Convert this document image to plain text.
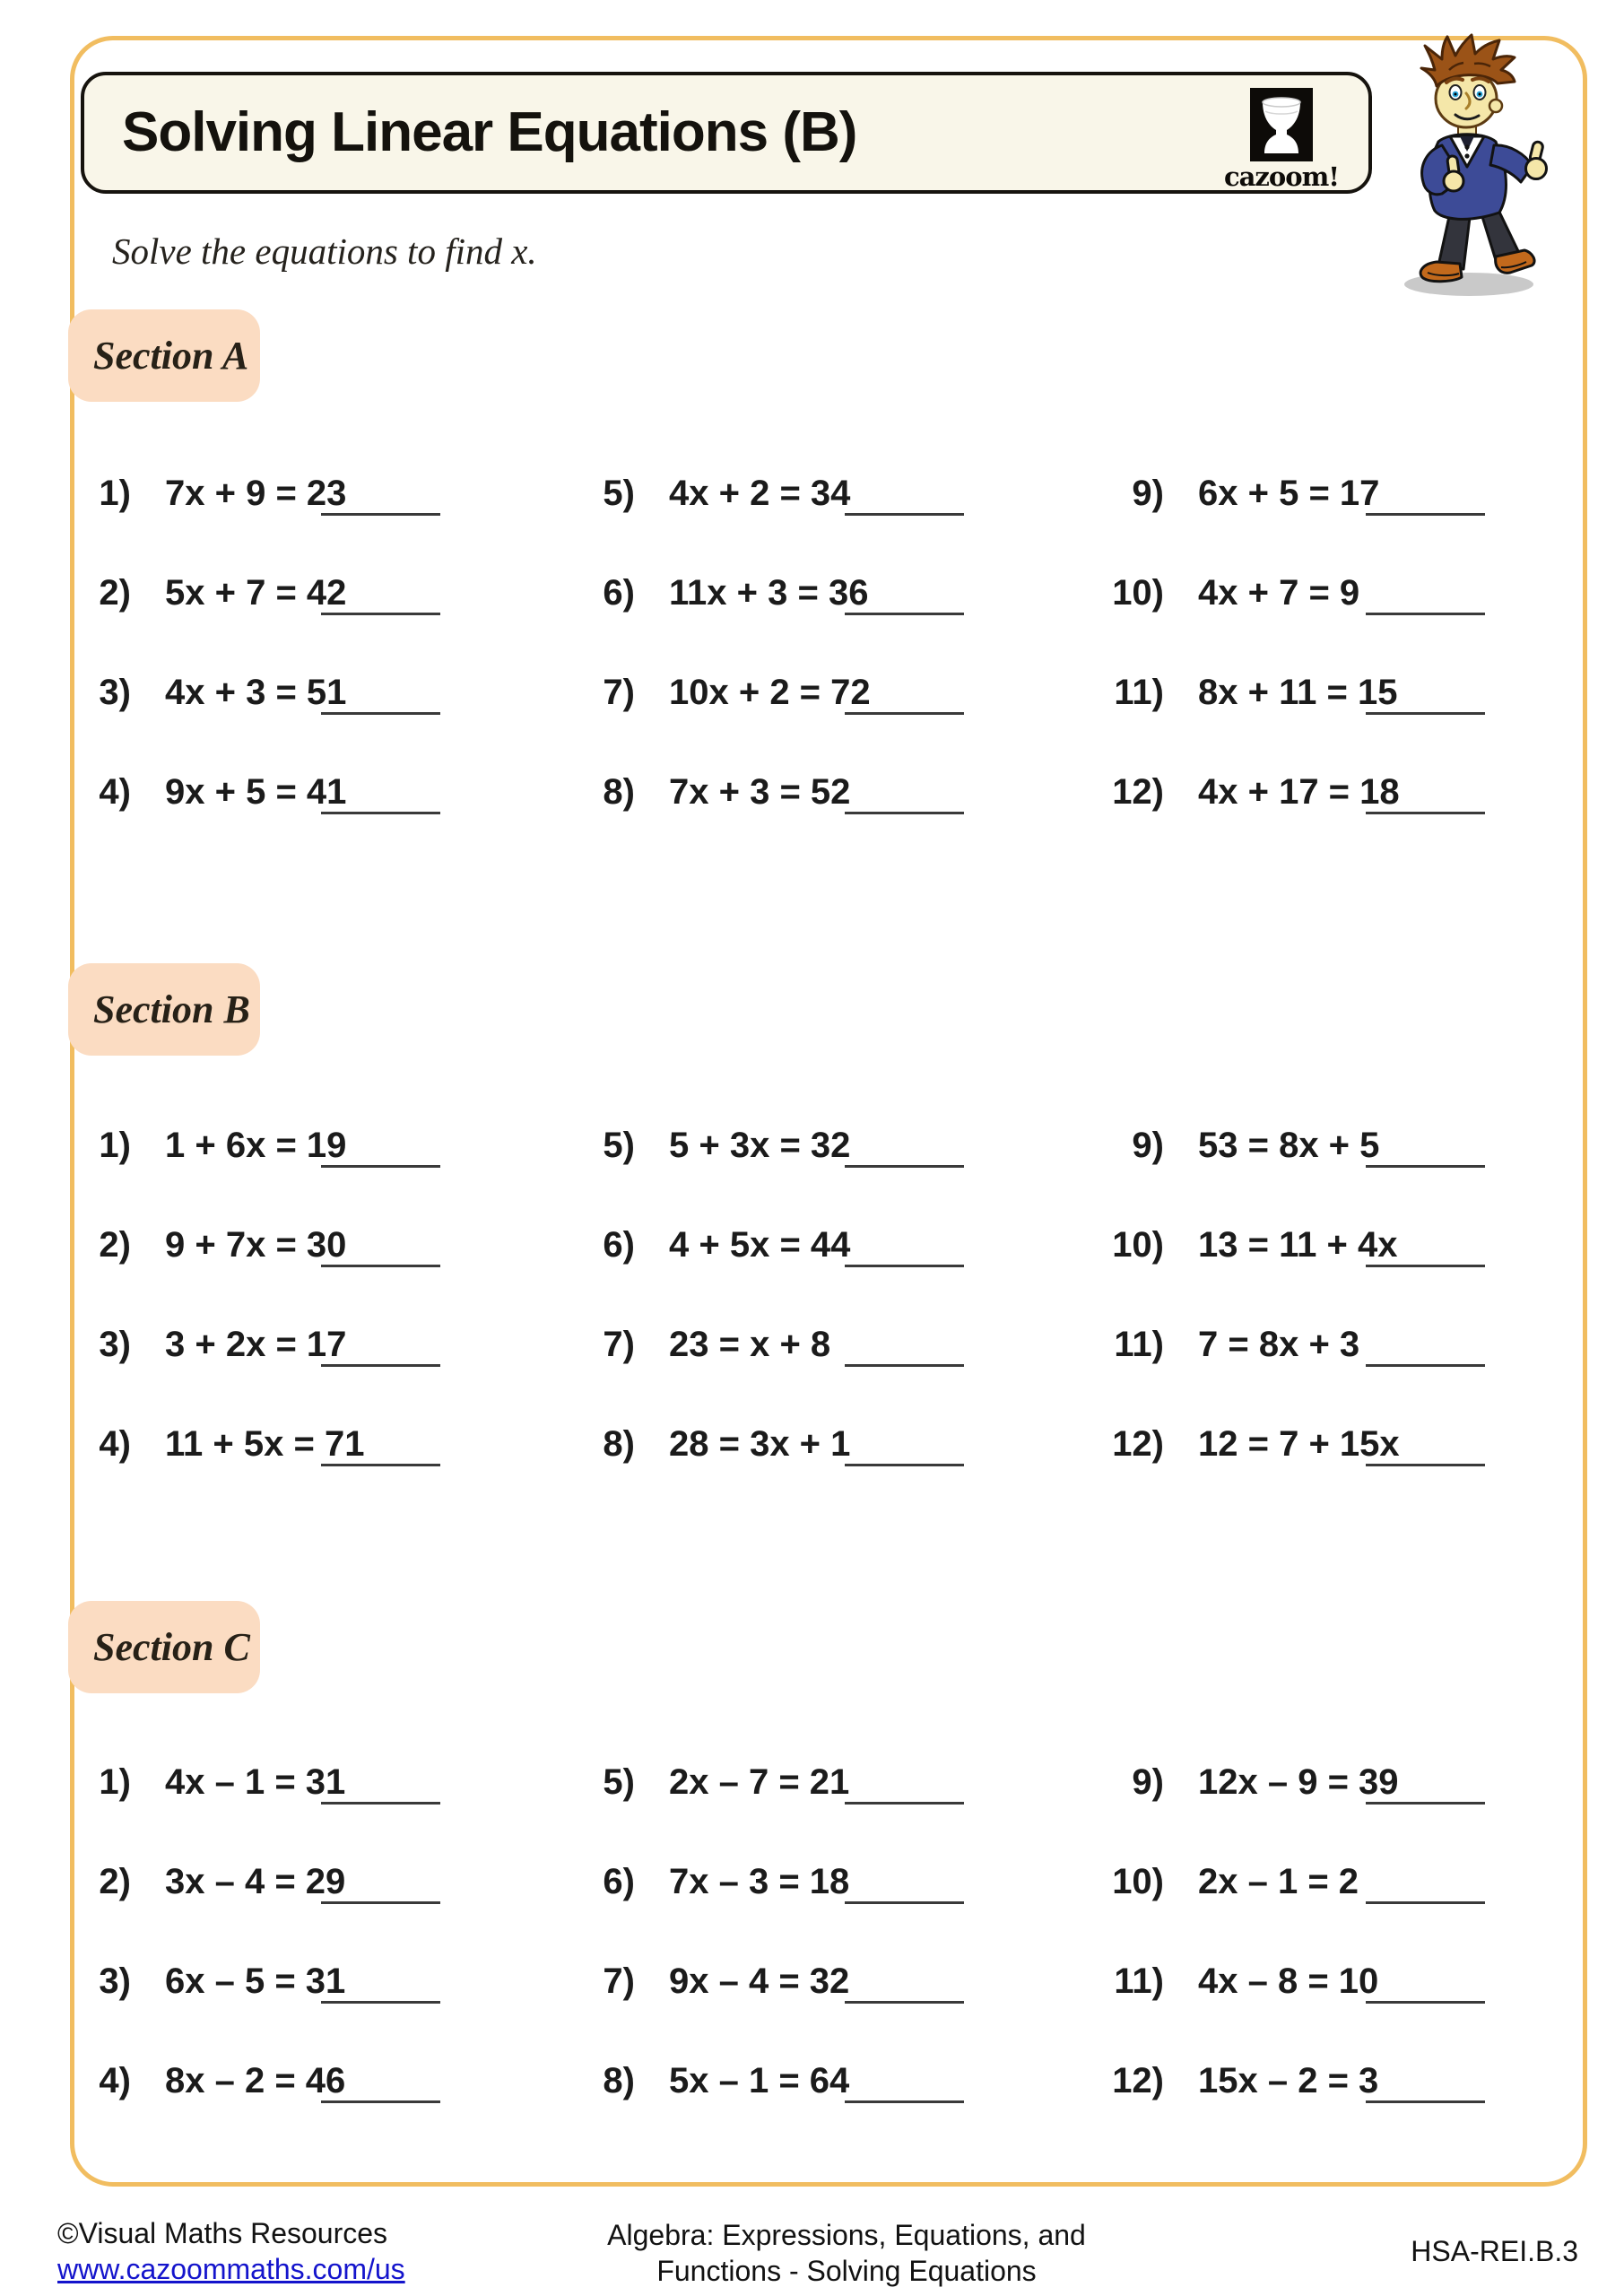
Solving Linear Equations (B)
cazoom!
Solve the equations to find x.
Section A
Section B
Section C
1) 7x + 9 = 23
2) 5x + 7 = 42
3) 4x + 3 = 51
4) 9x + 5 = 41
5) 4x + 2 = 34
6) 11x + 3 = 36
7) 10x + 2 = 72
8) 7x + 3 = 52
9) 6x + 5 = 17
10) 4x + 7 = 9
11) 8x + 11 = 15
12) 4x + 17 = 18
1) 1 + 6x = 19
2) 9 + 7x = 30
3) 3 + 2x = 17
4) 11 + 5x = 71
5) 5 + 3x = 32
6) 4 + 5x = 44
7) 23 = x + 8
8) 28 = 3x + 1
9) 53 = 8x + 5
10) 13 = 11 + 4x
11) 7 = 8x + 3
12) 12 = 7 + 15x
1) 4x – 1 = 31
2) 3x – 4 = 29
3) 6x – 5 = 31
4) 8x – 2 = 46
5) 2x – 7 = 21
6) 7x – 3 = 18
7) 9x – 4 = 32
8) 5x – 1 = 64
9) 12x – 9 = 39
10) 2x – 1 = 2
11) 4x – 8 = 10
12) 15x – 2 = 3
©Visual Maths Resources
www.cazoommaths.com/us
Algebra: Expressions, Equations, and
Functions - Solving Equations
HSA-REI.B.3
